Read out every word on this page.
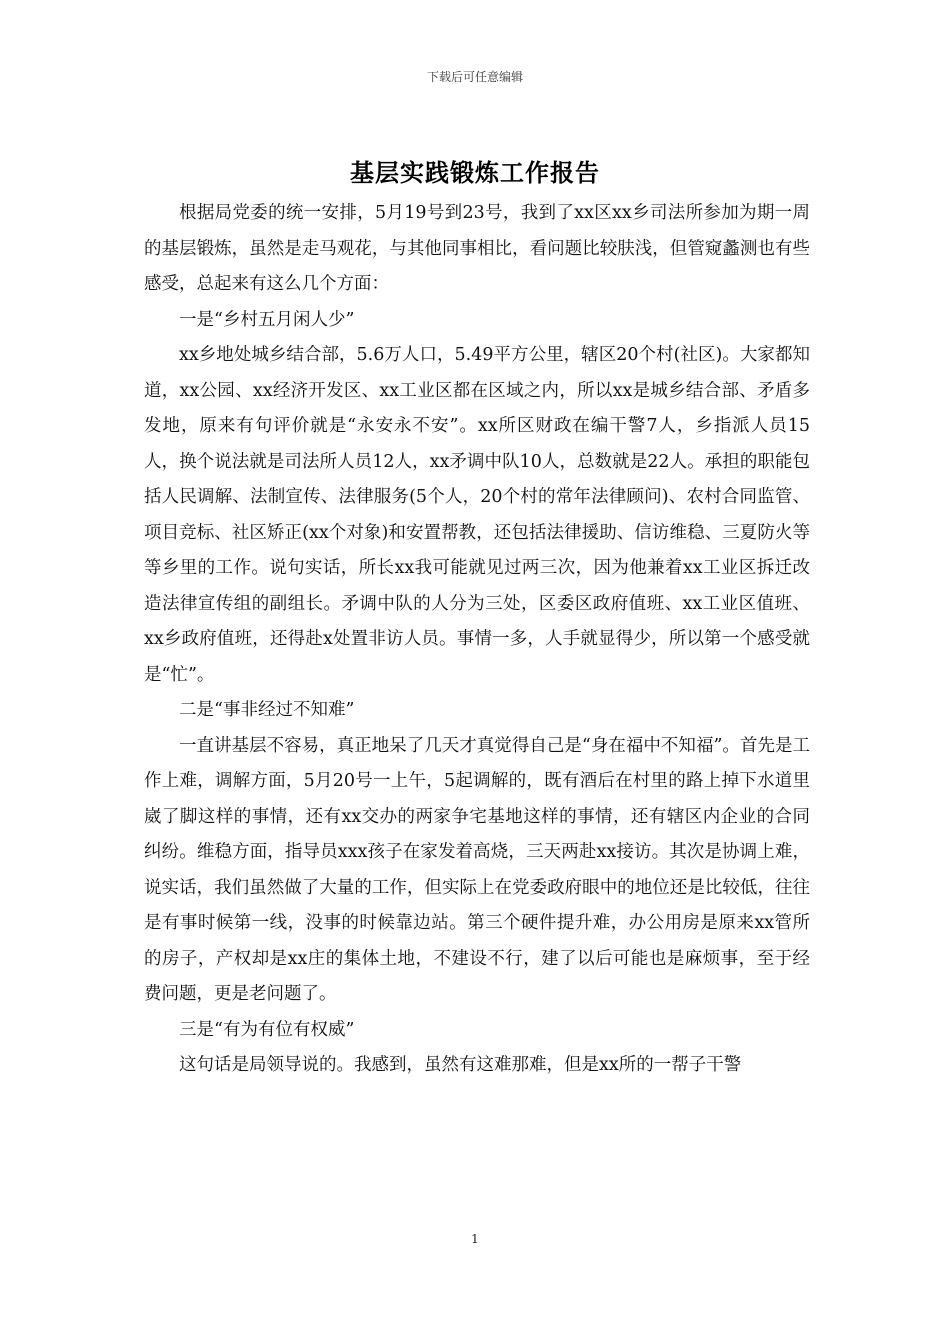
下载后可任意编辑
基层实践锻炼工作报告

根据局党委的统一安排，5月19号到23号，我到了xx区xx乡司法所参加为期一周的基层锻炼，虽然是走马观花，与其他同事相比，看问题比较肤浅，但管窥蠡测也有些感受，总起来有这么几个方面：

一是“乡村五月闲人少”

xx乡地处城乡结合部，5.6万人口，5.49平方公里，辖区20个村(社区)。大家都知道，xx公园、xx经济开发区、xx工业区都在区域之内，所以xx是城乡结合部、矛盾多发地，原来有句评价就是“永安永不安”。xx所区财政在编干警7人，乡指派人员15人，换个说法就是司法所人员12人，xx矛调中队10人，总数就是22人。承担的职能包括人民调解、法制宣传、法律服务(5个人，20个村的常年法律顾问)、农村合同监管、项目竞标、社区矫正(xx个对象)和安置帮教，还包括法律援助、信访维稳、三夏防火等等乡里的工作。说句实话，所长xx我可能就见过两三次，因为他兼着xx工业区拆迁改造法律宣传组的副组长。矛调中队的人分为三处，区委区政府值班、xx工业区值班、xx乡政府值班，还得赴x处置非访人员。事情一多，人手就显得少，所以第一个感受就是“忙”。

二是“事非经过不知难”

一直讲基层不容易，真正地呆了几天才真觉得自己是“身在福中不知福”。首先是工作上难，调解方面，5月20号一上午，5起调解的，既有酒后在村里的路上掉下水道里崴了脚这样的事情，还有xx交办的两家争宅基地这样的事情，还有辖区内企业的合同纠纷。维稳方面，指导员xxx孩子在家发着高烧，三天两赴xx接访。其次是协调上难，说实话，我们虽然做了大量的工作，但实际上在党委政府眼中的地位还是比较低，往往是有事时候第一线，没事的时候靠边站。第三个硬件提升难，办公用房是原来xx管所的房子，产权却是xx庄的集体土地，不建设不行，建了以后可能也是麻烦事，至于经费问题，更是老问题了。

三是“有为有位有权威”

这句话是局领导说的。我感到，虽然有这难那难，但是xx所的一帮子干警

1
